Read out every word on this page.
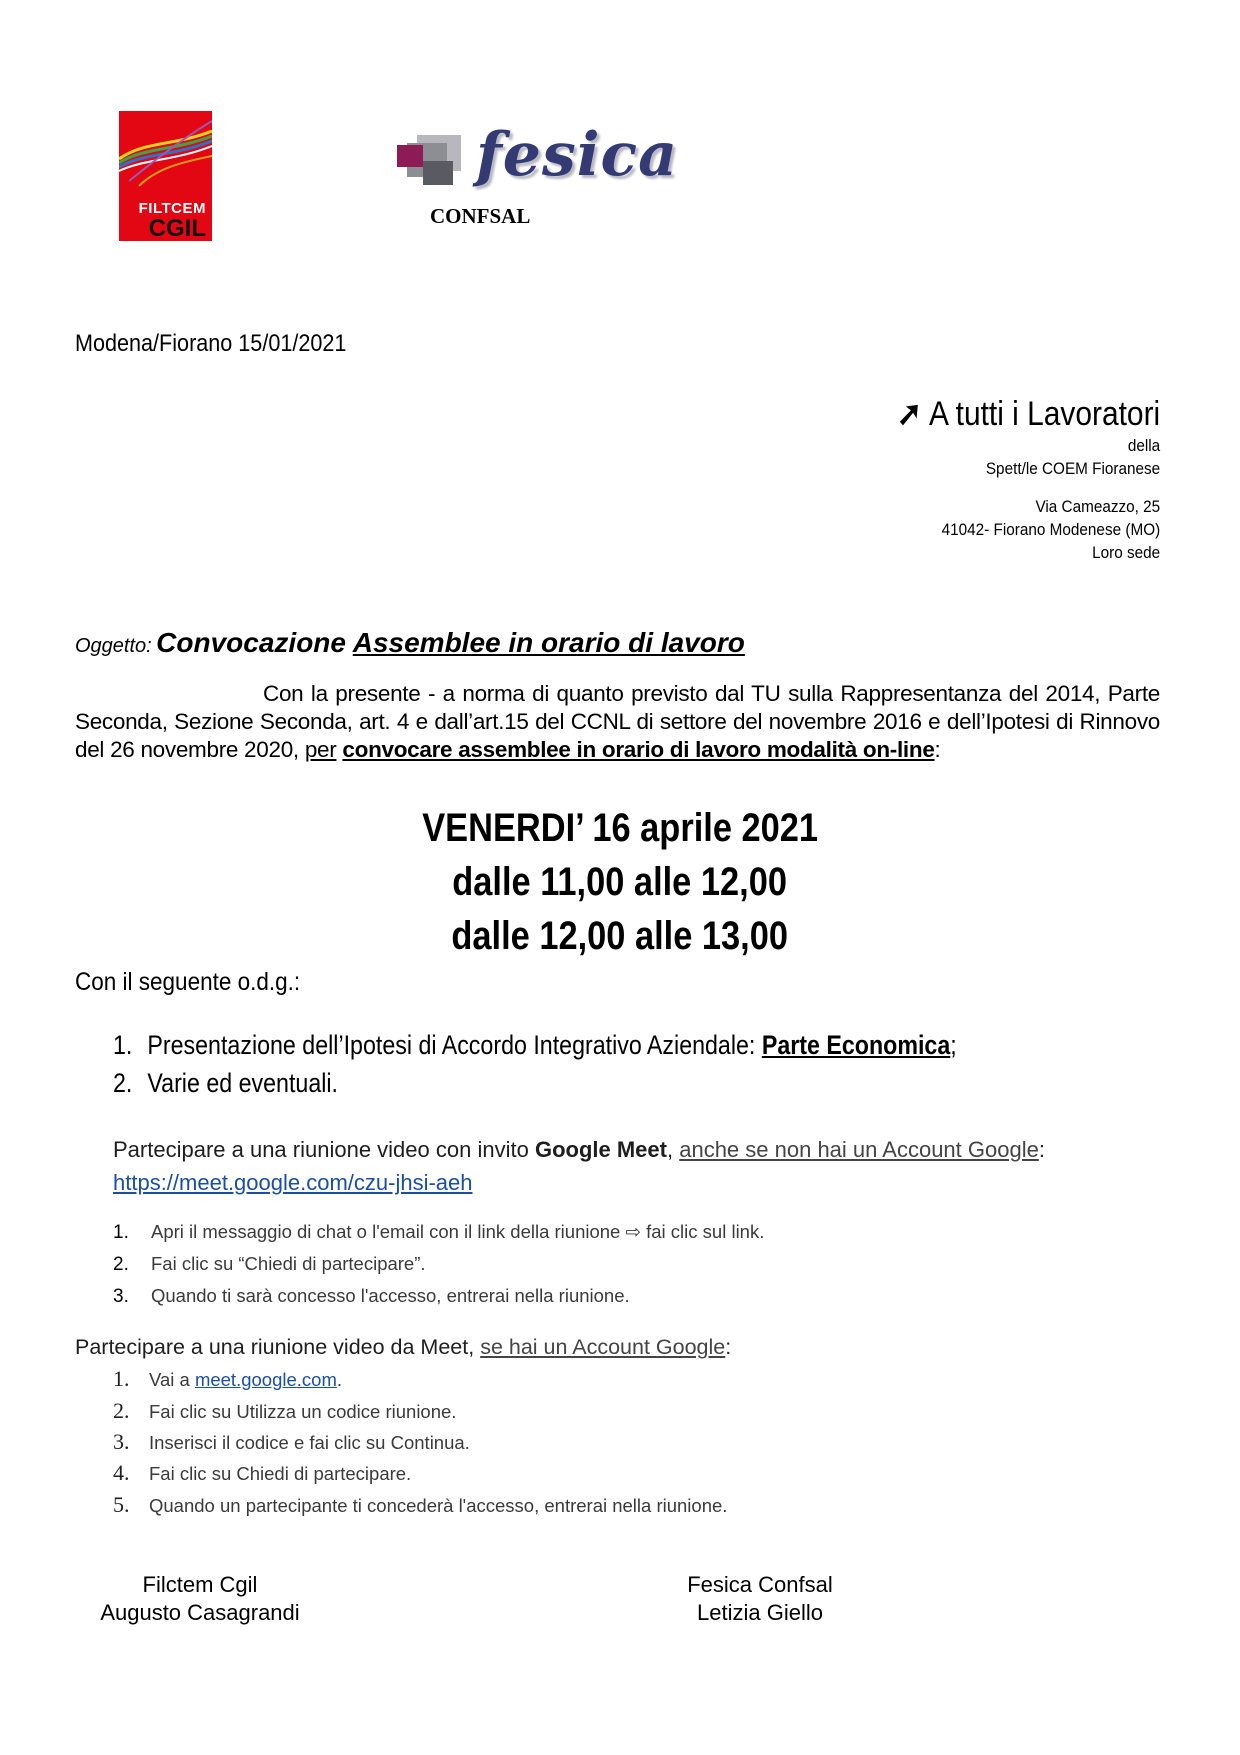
FILTCEM
CGIL
fesica
CONFSAL
Modena/Fiorano 15/01/2021
➚ A tutti i Lavoratori
della
Spett/le COEM Fioranese
Via Cameazzo, 25
41042- Fiorano Modenese (MO)
Loro sede
Oggetto: Convocazione Assemblee in orario di lavoro
Con la presente - a norma di quanto previsto dal TU sulla Rappresentanza del 2014, Parte Seconda, Sezione Seconda, art. 4 e dall’art.15 del CCNL di settore del novembre 2016 e dell’Ipotesi di Rinnovo del 26 novembre 2020, per convocare assemblee in orario di lavoro modalità on-line:
VENERDI’ 16 aprile 2021
dalle 11,00 alle 12,00
dalle 12,00 alle 13,00
Con il seguente o.d.g.:
1. Presentazione dell’Ipotesi di Accordo Integrativo Aziendale: Parte Economica;
2. Varie ed eventuali.
Partecipare a una riunione video con invito Google Meet, anche se non hai un Account Google:
https://meet.google.com/czu-jhsi-aeh
1. Apri il messaggio di chat o l'email con il link della riunione ⇨ fai clic sul link.
2. Fai clic su “Chiedi di partecipare”.
3. Quando ti sarà concesso l'accesso, entrerai nella riunione.
Partecipare a una riunione video da Meet, se hai un Account Google:
1. Vai a meet.google.com.
2. Fai clic su Utilizza un codice riunione.
3. Inserisci il codice e fai clic su Continua.
4. Fai clic su Chiedi di partecipare.
5. Quando un partecipante ti concederà l'accesso, entrerai nella riunione.
Filctem Cgil
Augusto Casagrandi
Fesica Confsal
Letizia Giello
